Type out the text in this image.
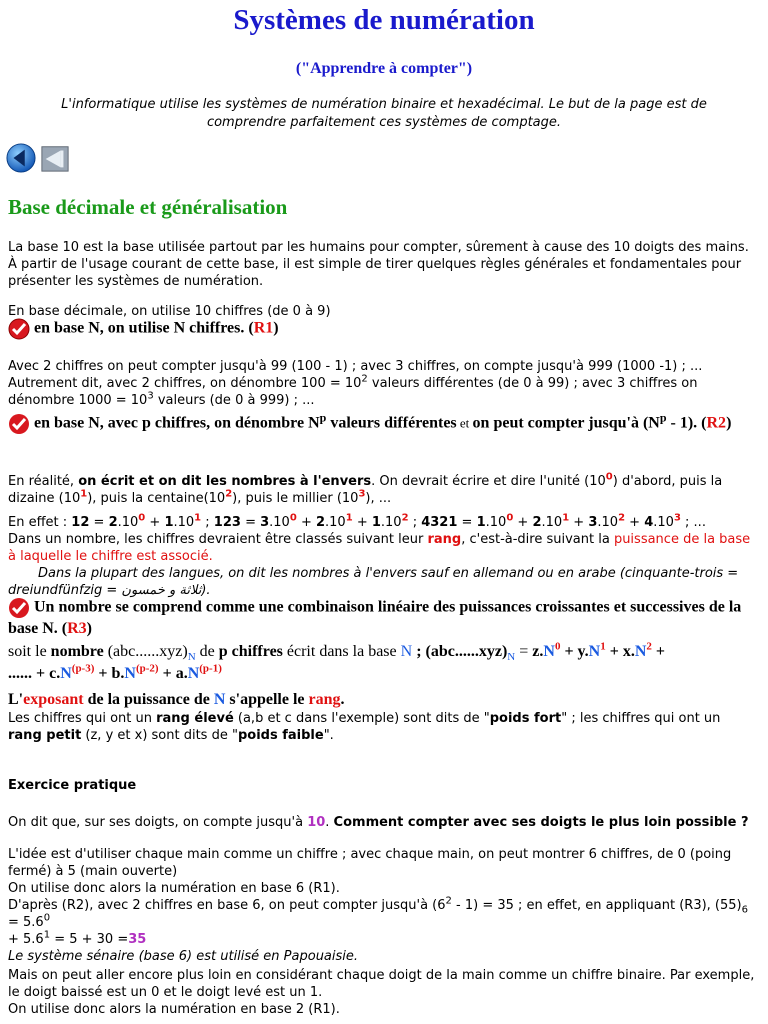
Systèmes de numération
("Apprendre à compter")
L'informatique utilise les systèmes de numération binaire et hexadécimal. Le but de la page est de comprendre parfaitement ces systèmes de comptage.
Base décimale et généralisation
La base 10 est la base utilisée partout par les humains pour compter, sûrement à cause des 10 doigts des mains.
À partir de l'usage courant de cette base, il est simple de tirer quelques règles générales et fondamentales pour présenter les systèmes de numération.
En base décimale, on utilise 10 chiffres (de 0 à 9)
en base N, on utilise N chiffres. (R1)
Avec 2 chiffres on peut compter jusqu'à 99 (100 - 1) ; avec 3 chiffres, on compte jusqu'à 999 (1000 -1) ; ...
Autrement dit, avec 2 chiffres, on dénombre $100 = 10^2$ valeurs différentes (de 0 à 99) ; avec 3 chiffres on dénombre $1000 = 10^3$ valeurs (de 0 à 999) ; ...
en base N, avec p chiffres, on dénombre $N^p$ valeurs différentes et on peut compter jusqu'à $(N^p - 1)$. (R2)
En réalité, on écrit et on dit les nombres à l'envers. On devrait écrire et dire l'unité $(10^0)$ d'abord, puis la dizaine $(10^1)$, puis la $centaine(10^2)$, puis le millier $(10^3)$, ...
En effet : $12 = 2.10^0 + 1.10^1$ ; $123 = 3.10^0 + 2.10^1 + 1.10^2$ ; $4321 = 1.10^0 + 2.10^1 + 3.10^2 + 4.10^3$ ; ...
Dans un nombre, les chiffres devraient être classés suivant leur rang, c'est-à-dire suivant la puissance de la base à laquelle le chiffre est associé.
Dans la plupart des langues, on dit les nombres à l'envers sauf en allemand ou en arabe (cinquante-trois = dreiundfünfzig = ثلاثة و خمسون).
Un nombre se comprend comme une combinaison linéaire des puissances croissantes et successives de la base N. (R3)
soit le nombre $(abc......xyz)_N$ de p chiffres écrit dans la base N ; $(abc......xyz)_N = z.N^0 + y.N^1 + x.N^2$ +
...... + $c.N^{(p-3)} + b.N^{(p-2)} + a.N^{(p-1)}$
L'exposant de la puissance de N s'appelle le rang.
Les chiffres qui ont un rang élevé (a,b et c dans l'exemple) sont dits de "poids fort" ; les chiffres qui ont un rang petit (z, y et x) sont dits de "poids faible".
Exercice pratique
On dit que, sur ses doigts, on compte jusqu'à 10. Comment compter avec ses doigts le plus loin possible ?
L'idée est d'utiliser chaque main comme un chiffre ; avec chaque main, on peut montrer 6 chiffres, de 0 (poing fermé) à 5 (main ouverte)
On utilise donc alors la numération en base 6 (R1).
D'après (R2), avec 2 chiffres en base 6, on peut compter jusqu'à $(6^2 - 1) = 35$ ; en effet, en appliquant (R3), $(55)_6 = 5.6^0$
+ $5.6^1 = 5 + 30 =35$
Le système sénaire (base 6) est utilisé en Papouaisie.
Mais on peut aller encore plus loin en considérant chaque doigt de la main comme un chiffre binaire. Par exemple, le doigt baissé est un 0 et le doigt levé est un 1.
On utilise donc alors la numération en base 2 (R1).
